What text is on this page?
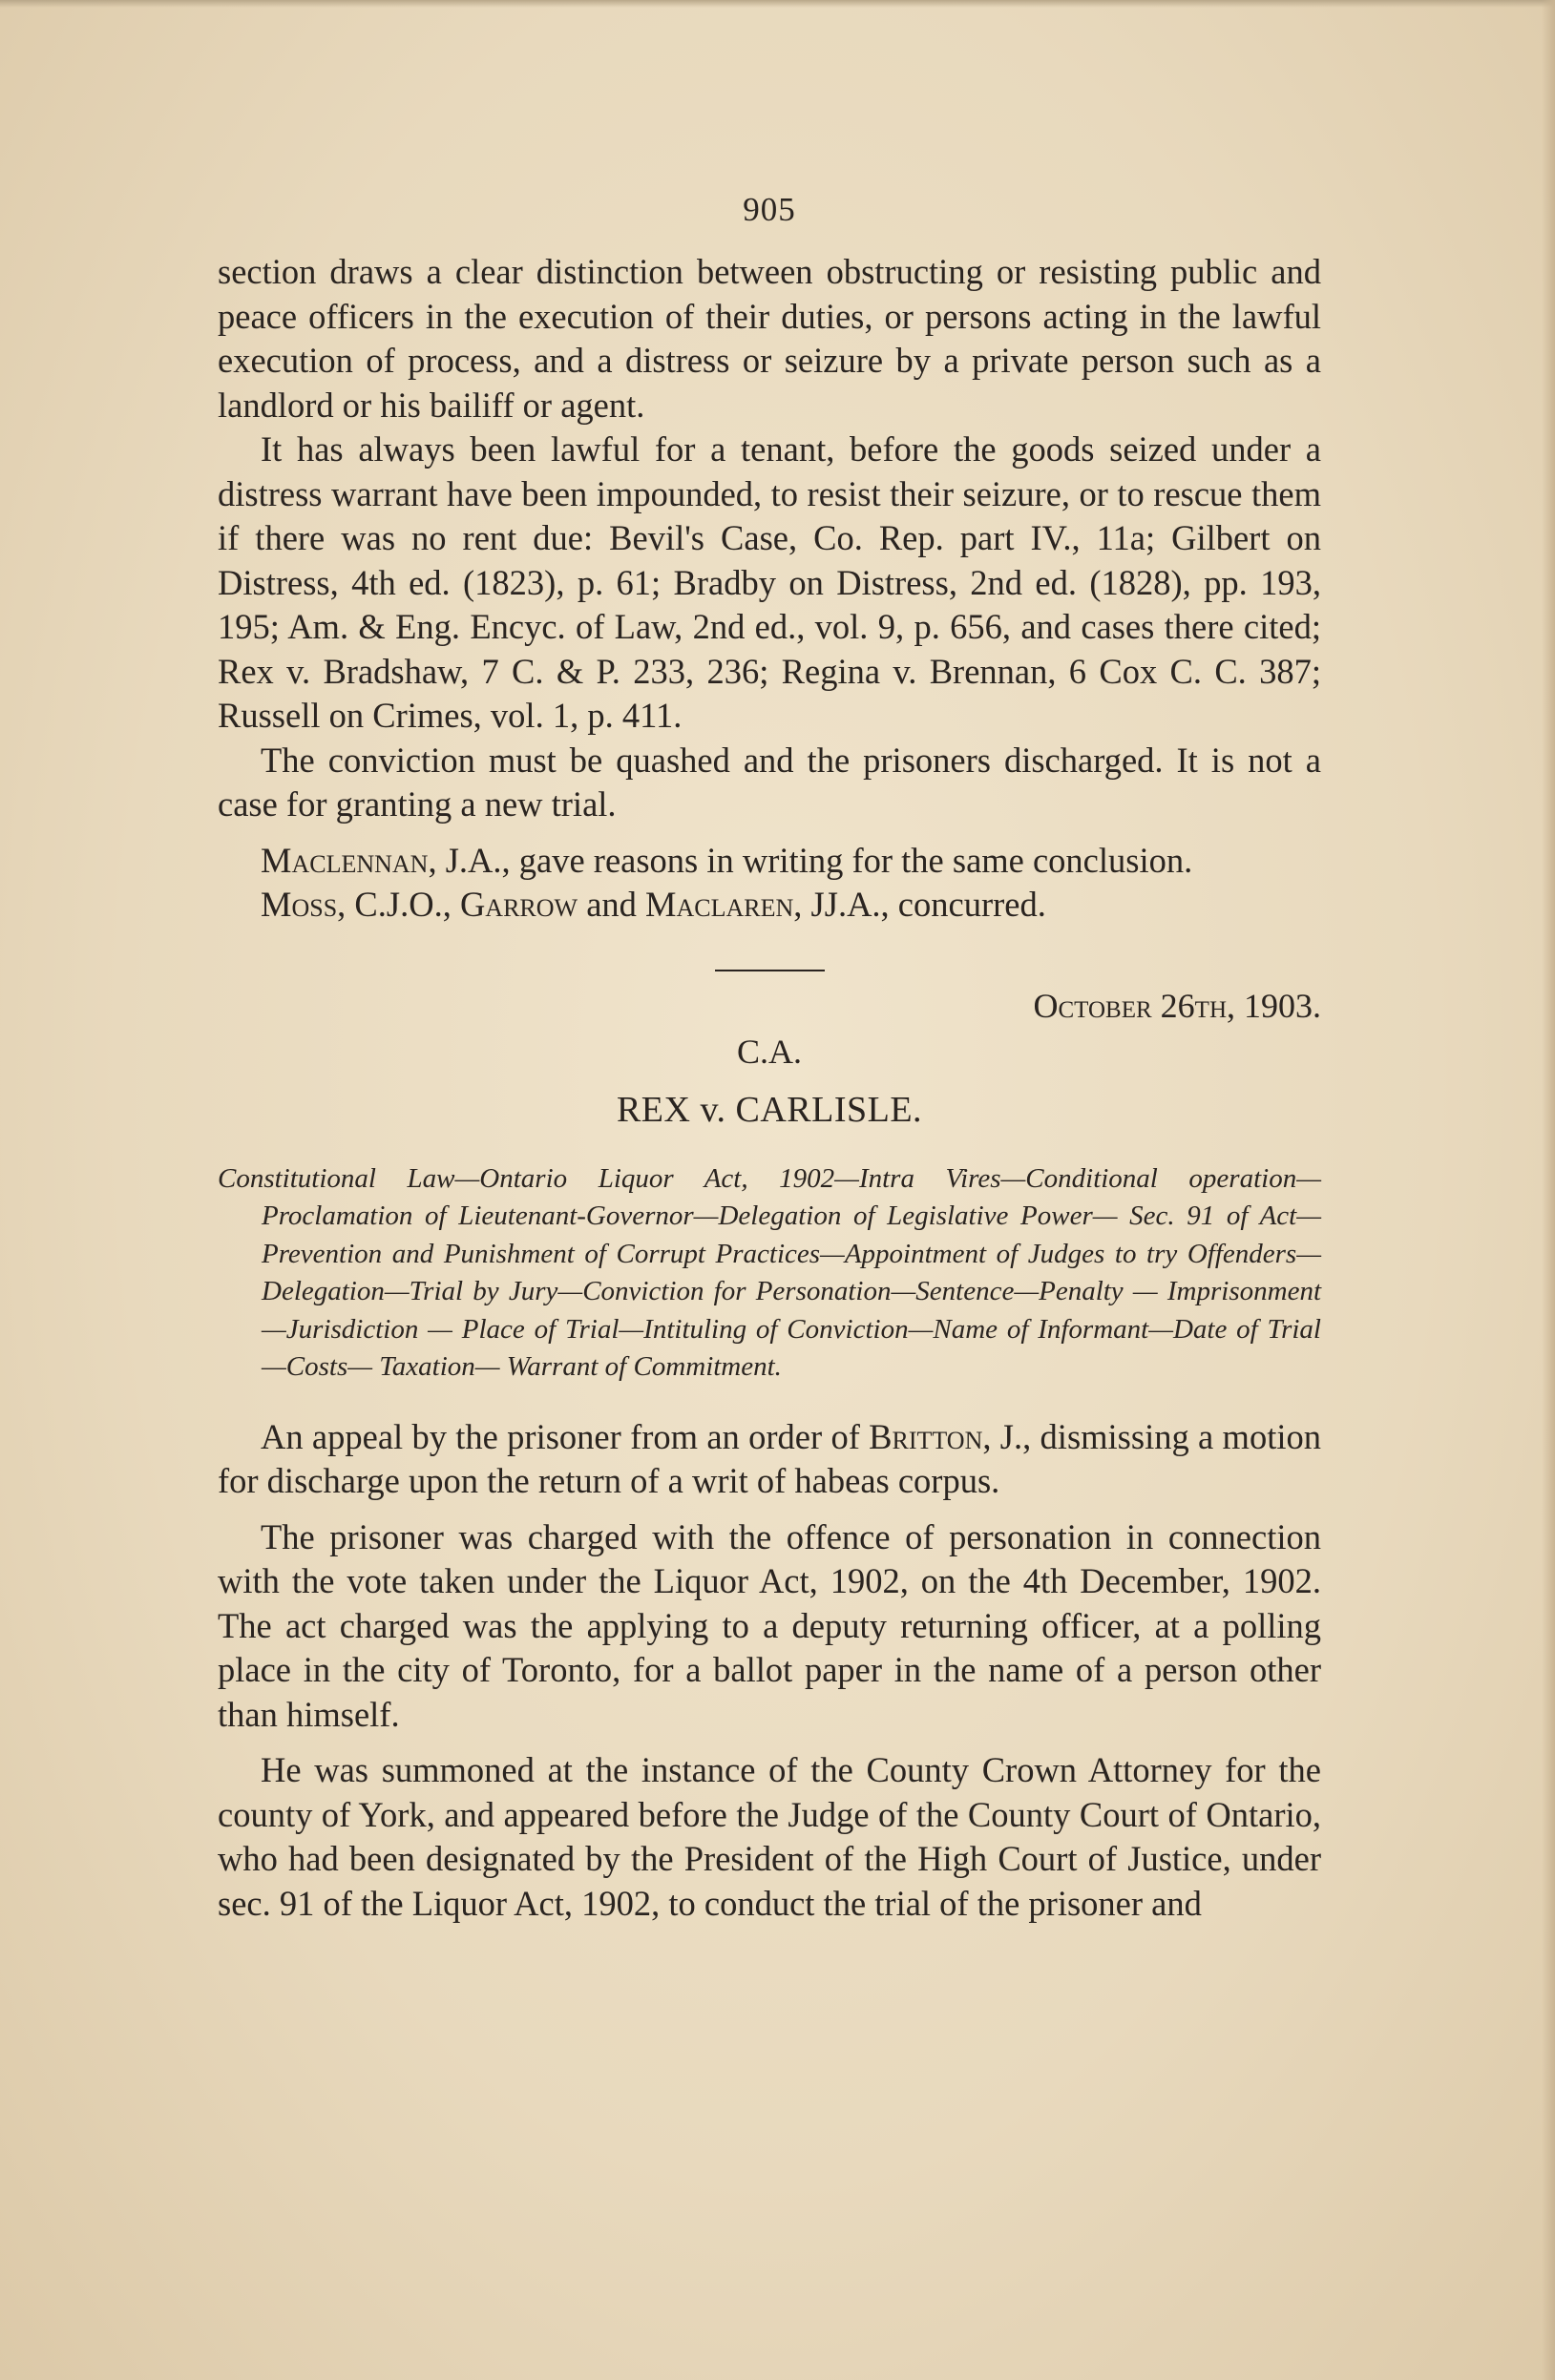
905

section draws a clear distinction between obstructing or resisting public and peace officers in the execution of their duties, or persons acting in the lawful execution of process, and a distress or seizure by a private person such as a landlord or his bailiff or agent.

It has always been lawful for a tenant, before the goods seized under a distress warrant have been impounded, to resist their seizure, or to rescue them if there was no rent due: Bevil's Case, Co. Rep. part IV., 11a; Gilbert on Distress, 4th ed. (1823), p. 61; Bradby on Distress, 2nd ed. (1828), pp. 193, 195; Am. & Eng. Encyc. of Law, 2nd ed., vol. 9, p. 656, and cases there cited; Rex v. Bradshaw, 7 C. & P. 233, 236; Regina v. Brennan, 6 Cox C. C. 387; Russell on Crimes, vol. 1, p. 411.

The conviction must be quashed and the prisoners discharged. It is not a case for granting a new trial.

Maclennan, J.A., gave reasons in writing for the same conclusion.

Moss, C.J.O., Garrow and Maclaren, JJ.A., concurred.

October 26th, 1903.

C.A.
REX v. CARLISLE.
Constitutional Law—Ontario Liquor Act, 1902—Intra Vires—Conditional operation—Proclamation of Lieutenant-Governor—Delegation of Legislative Power— Sec. 91 of Act—Prevention and Punishment of Corrupt Practices—Appointment of Judges to try Offenders—Delegation—Trial by Jury—Conviction for Personation—Sentence—Penalty — Imprisonment —Jurisdiction — Place of Trial—Intituling of Conviction—Name of Informant—Date of Trial—Costs— Taxation— Warrant of Commitment.

An appeal by the prisoner from an order of Britton, J., dismissing a motion for discharge upon the return of a writ of habeas corpus.

The prisoner was charged with the offence of personation in connection with the vote taken under the Liquor Act, 1902, on the 4th December, 1902. The act charged was the applying to a deputy returning officer, at a polling place in the city of Toronto, for a ballot paper in the name of a person other than himself.

He was summoned at the instance of the County Crown Attorney for the county of York, and appeared before the Judge of the County Court of Ontario, who had been designated by the President of the High Court of Justice, under sec. 91 of the Liquor Act, 1902, to conduct the trial of the prisoner and
